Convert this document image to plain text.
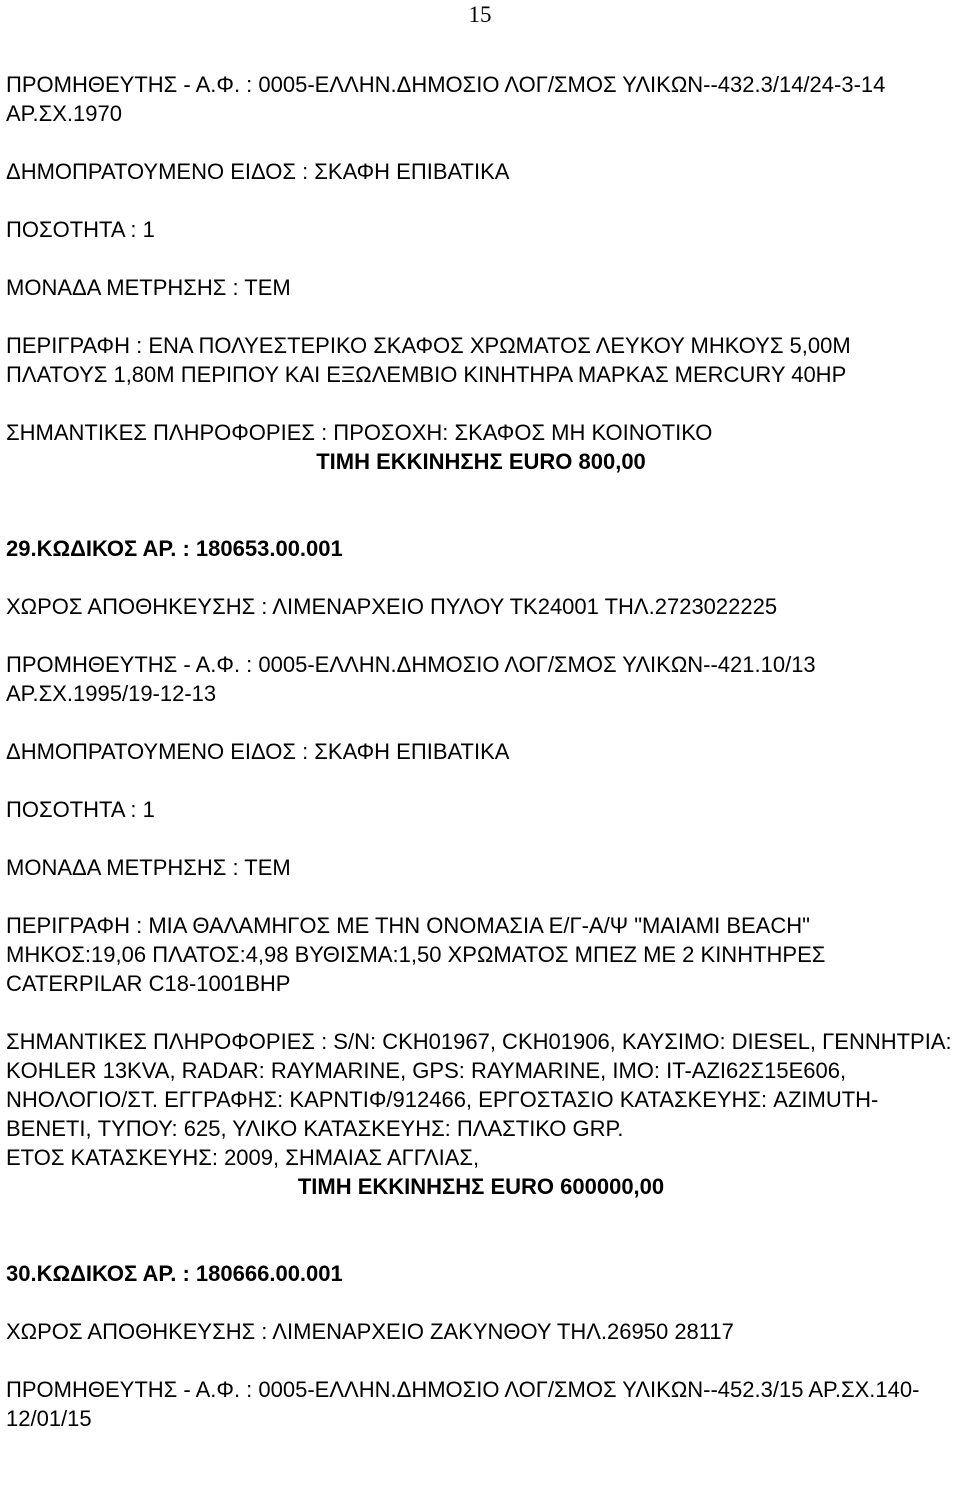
15

ΠΡΟΜΗΘΕΥΤΗΣ - Α.Φ. : 0005-ΕΛΛΗΝ.ΔΗΜΟΣΙΟ ΛΟΓ/ΣΜΟΣ ΥΛΙΚΩΝ--432.3/14/24-3-14 ΑΡ.ΣΧ.1970

ΔΗΜΟΠΡΑΤΟΥΜΕΝΟ ΕΙΔΟΣ : ΣΚΑΦΗ ΕΠΙΒΑΤΙΚΑ

ΠΟΣΟΤΗΤΑ : 1

ΜΟΝΑΔΑ ΜΕΤΡΗΣΗΣ : ΤΕΜ

ΠΕΡΙΓΡΑΦΗ : ΕΝΑ ΠΟΛΥΕΣΤΕΡΙΚΟ ΣΚΑΦΟΣ ΧΡΩΜΑΤΟΣ ΛΕΥΚΟΥ ΜΗΚΟΥΣ 5,00Μ ΠΛΑΤΟΥΣ 1,80Μ ΠΕΡΙΠΟΥ ΚΑΙ ΕΞΩΛΕΜΒΙΟ ΚΙΝΗΤΗΡΑ ΜΑΡΚΑΣ MERCURY 40HP

ΣΗΜΑΝΤΙΚΕΣ ΠΛΗΡΟΦΟΡΙΕΣ : ΠΡΟΣΟΧΗ: ΣΚΑΦΟΣ ΜΗ ΚΟΙΝΟΤΙΚΟ

ΤΙΜΗ ΕΚΚΙΝΗΣΗΣ EURO 800,00

29.ΚΩΔΙΚΟΣ ΑΡ. : 180653.00.001

ΧΩΡΟΣ ΑΠΟΘΗΚΕΥΣΗΣ : ΛΙΜΕΝΑΡΧΕΙΟ ΠΥΛΟΥ ΤΚ24001 ΤΗΛ.2723022225

ΠΡΟΜΗΘΕΥΤΗΣ - Α.Φ. : 0005-ΕΛΛΗΝ.ΔΗΜΟΣΙΟ ΛΟΓ/ΣΜΟΣ ΥΛΙΚΩΝ--421.10/13 ΑΡ.ΣΧ.1995/19-12-13

ΔΗΜΟΠΡΑΤΟΥΜΕΝΟ ΕΙΔΟΣ : ΣΚΑΦΗ ΕΠΙΒΑΤΙΚΑ

ΠΟΣΟΤΗΤΑ : 1

ΜΟΝΑΔΑ ΜΕΤΡΗΣΗΣ : ΤΕΜ

ΠΕΡΙΓΡΑΦΗ : ΜΙΑ ΘΑΛΑΜΗΓΟΣ ΜΕ ΤΗΝ ΟΝΟΜΑΣΙΑ Ε/Γ-Α/Ψ "ΜΑΙΑΜΙ BEACH" ΜΗΚΟΣ:19,06 ΠΛΑΤΟΣ:4,98 ΒΥΘΙΣΜΑ:1,50 ΧΡΩΜΑΤΟΣ ΜΠΕΖ ΜΕ 2 ΚΙΝΗΤΗΡΕΣ CATERPILAR C18-1001BHP

ΣΗΜΑΝΤΙΚΕΣ ΠΛΗΡΟΦΟΡΙΕΣ : S/N: CKH01967, CKH01906, ΚΑΥΣΙΜΟ: DIESEL, ΓΕΝΝΗΤΡΙΑ: KOHLER 13KVA, RADAR: RAYMARINE, GPS: RAYMARINE, ΙΜΟ: IT-AZI62Σ15E606, ΝΗΟΛΟΓΙΟ/ΣΤ. ΕΓΓΡΑΦΗΣ: ΚΑΡΝΤΙΦ/912466, ΕΡΓΟΣΤΑΣΙΟ ΚΑΤΑΣΚΕΥΗΣ: AZIMUTH-BENETI, ΤΥΠΟΥ: 625, ΥΛΙΚΟ ΚΑΤΑΣΚΕΥΗΣ: ΠΛΑΣΤΙΚΟ GRP.

ΕΤΟΣ ΚΑΤΑΣΚΕΥΗΣ: 2009, ΣΗΜΑΙΑΣ ΑΓΓΛΙΑΣ,

ΤΙΜΗ ΕΚΚΙΝΗΣΗΣ EURO 600000,00

30.ΚΩΔΙΚΟΣ ΑΡ. : 180666.00.001

ΧΩΡΟΣ ΑΠΟΘΗΚΕΥΣΗΣ : ΛΙΜΕΝΑΡΧΕΙΟ ΖΑΚΥΝΘΟΥ ΤΗΛ.26950 28117

ΠΡΟΜΗΘΕΥΤΗΣ - Α.Φ. : 0005-ΕΛΛΗΝ.ΔΗΜΟΣΙΟ ΛΟΓ/ΣΜΟΣ ΥΛΙΚΩΝ--452.3/15 ΑΡ.ΣΧ.140-12/01/15
